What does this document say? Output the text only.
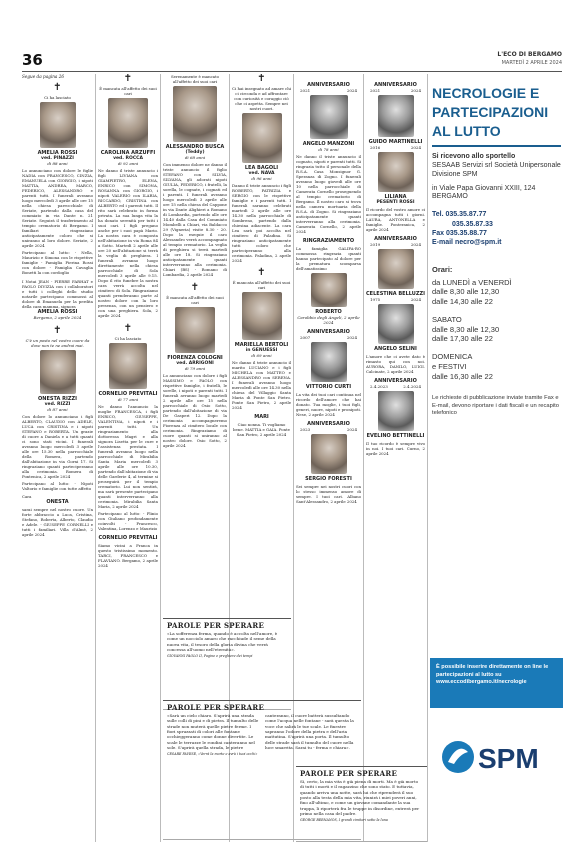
36	L'ECO DI BERGAMO
MARTEDÌ 2 APRILE 2024
Segue da pagina 26
✝
Ci ha lasciato
AMELIA ROSSI
ved. PINAZZI
di 88 anni
Lo annunciano con dolore le figlie NADIA con FRANCESCO, CINZIA, EMANUELA con GIORGIO, i nipoti MATTIA, ANDREA, MARCO, FEDERICO, ALESSANDRO e parenti tutti. I funerali avranno luogo mercoledì 3 aprile alle ore 15 nella chiesa parrocchiale di Seriate, partendo dalla casa del commiato in via Dante n. 21 Seriate. Seguirà il trasferimento al tempio crematorio di Bergamo. I familiari ringraziano anticipatamente coloro che si uniranno al loro dolore. Seriate, 2 aprile 2024
Partecipano al lutto: - Nella, Maurizio e Simona con le rispettive famiglie - Famiglia Pierina Rossi con dolore - Famiglia Cavaglia Bonetti la con cordoglio
I Notai JEAN - PIERRE FARHAT e PAOLO DIVIZIA con i collaboratori e tutti i colleghi dello studio notarile partecipano commossi al dolore di Emanuela per la perdita della cara mamma, signora
AMELIA ROSSI
Bergamo, 2 aprile 2024
✝
C'è un posto nel vostro cuore da dove non te ne andrai mai.
ONESTA RIZZI
ved. RIZZI
di 87 anni
Con dolore lo annunciano i figli ALBERTO, CLAUDIO con ADELE, LUCA con CRISTINA e i nipoti STEFANO e ROBERTA. Un grazie di cuore a Daniela e a tutti quanti ci sono stati vicini. I funerali avranno luogo mercoledì 3 aprile alle ore 15.30 nella parrocchiale della Romera, partendo dall'abitazione in via Gorni 17. Si ringraziano quanti parteciperanno alla cerimonia. Romera di Pontenica, 2 aprile 2024
Partecipano al lutto: - Nipoti Valtorio e famiglie con tutte affetto
Cara
ONESTA
sarai sempre nel nostro cuore. Un forte abbraccio a Luca, Cristina, Stefano, Roberta, Alberto, Claudio e Adele. - GIUSEPPE CORNELLI e tutti i familiari. Villa d'Almè, 2 aprile 2024
✝
È mancata all'affetto dei suoi cari
CAROLINA ARZUFFI
ved. ROCCA
di 92 anni
Ne danno il triste annuncio i figli LIVIANA con GIAMPIETRO, ELENA, ENRICO con SIMONA, ROSANNA con GIORGIO, i nipoti VALERIO con ILARIA, RICCARDO, CRISTINA con ALBERTO ed i parenti tutti. Il rito sarà celebrato in forma privata. La sua lunga vita la ha donato serenità per tutti i suoi cari. I figli pregano anche per i suoi papà Mario. La nostra cara è composta nell'abitazione in via Roma 84 a Sotto. Martedì 2 aprile alle ore 20 nell'abitazione si terrà la veglia di preghiera. I funerali avranno luogo direttamente nella chiesa parrocchiale di Sola mercoledì 3 aprile alle 9.15. Dopo il rito funebre la nostra cara verrà accolta nel cimitero di Sola. Ringraziamo quanti prenderanno parte al nostro dolore con la loro presenza, con un pensiero e con una preghiera. Sola, 2 aprile 2024
✝
Ci ha lasciato
CORNELIO PREVITALI
di 77 anni
Ne danno l'annuncio la moglie FRANCESCA, i figli ENRICO, GIUSEPPE, VALENTINA, i nipoti e i parenti tutti. Un ringraziamento alla dottoressa Magri e alla signora Lisetta per le cure e l'assistenza prestata. I funerali avranno luogo nella parrocchiale di Mirabilia Santa Maria mercoledì 3 aprile alle ore 10.30, partendo dall'abitazione di via delle Garderie 4, al termine si proseguirà per il tempio crematorio. Lui non sentirà, ma sarà presente partecipano quanti interverranno alla cerimonia. Mirabilia Santa Maria, 2 aprile 2024
Partecipano al lutto: - Plinio con Giuliano profondamente coinvolti - Francesco, Valentina, Lorenzo e Maurizio
CORNELIO PREVITALI
Siamo vicini a Franca in questo tristissimo momento. TARCI, FRANCESCO e FLAVIANO. Bergamo, 2 aprile 2024
Serenamente è mancato all'affetto dei suoi cari
ALESSANDRO BUSCA
(Teddy)
di 68 anni
Con immenso dolore ne danno il triste annuncio il figlio STEFANO con SILVIA, SILVANA, gli adorati nipoti GIULIA, FEDERICO, i fratelli, la sorella, le cognate, i cognati ed i parenti. I funerali avranno luogo mercoledì 3 aprile alle ore 15 nella chiesa del Cappone in via Dante Alighieri a Romano di Lombardia, partendo alle ore 14.40 dalla Casa del Commiato Mombelli a Chiari, via Baldacco 29 (Vigneria) visite 8.30 - 20. Dopo la esequie il caro Alessandro verrà accompagnato al tempio crematorio. La veglia di preghiera si terrà martedì alle ore 18. Si ringraziano anticipatamente quanti interverranno alla cerimonia. Chiari (BS) - Romano di Lombardia, 2 aprile 2024
✝
È mancata all'affetto dei suoi cari
FIORENZA COLOGNI
ved. ARRIGONI
di 79 anni
Lo annunciano con dolore i figli MASSIMO e PAOLO con rispettive famiglie, i fratelli, le sorelle, i nipoti e parenti tutti. I funerali avranno luogo martedì 2 aprile alle ore 15 nella parrocchiale di Osio Sotto, partendo dall'abitazione di via De Gasperi 12. Dopo la cerimonia accompagneremo Fiorenza al cimitero locale con cerimonia. Ringraziamo di cuore quanti si uniranno al nostro dolore. Osio Sotto, 2 aprile 2024
✝
Ci hai insegnato ad amare chi ci circonda e ad affrontare con curiosità e coraggio ciò che ci aspetta. Sempre nei nostri cuori.
LEA BAGOLI
ved. NAVA
di 96 anni
Danno il triste annuncio i figli ROBERTO, PATRIZIA e SERGIO con le rispettive famiglie e i parenti tutti. I funerali saranno celebrati martedì 2 aprile alle ore 14.30 nella parrocchiale di Sombreno, partendo dalla chiesina adiacente. La cara Lea sarà poi accolta nel cimitero di Paladina. Si ringraziano anticipatamente tutti coloro che parteciperanno alla cerimonia. Paladina, 2 aprile 2024
✝
È mancata all'affetto dei suoi cari
MARIELLA BERTOLI
in GENUESSI
di 69 anni
Ne danno il triste annuncio il marito LUCIANO e i figli MICHELA con MATTEO e ALESSANDRO con SERENA. I funerali avranno luogo mercoledì alle ore 14.30 nella chiesa del Villaggio Santa Maria di Ponte San Pietro. Ponte San Pietro, 2 aprile 2024
MARI
Ciao nonna. Ti vogliamo bene. MATTIA e GAIA. Ponte San Pietro, 2 aprile 2024
PAROLE PER SPERARE
«La sofferenza ferma, quando è accolta nell'amore, è come un nocciolo amaro che racchiude il seme della nuova vita, il tesoro della gloria divina che verrà concessa all'uomo nell'eternità».
GIOVANNI PAOLO II, Pagine e preghiere dei tempi
PAROLE PER SPERARE
«Sarà un cielo chiaro. S'aprirà una strada sulle colli di pini e di pietra. Il tumulto delle strade non muterà quelle pietre ferme. I fiori spruzzati di colori alle fontane occhieggeranno come donne divertite. Le scale le terrazze le rondini canteranno nel sole. S'aprirà quella strada, le pietre canteranno, il cuore batterà sussultando come l'acqua nelle fontane - sarà questa la voce che salirà le tue scale. Le finestre sapranno l'odore della pietra e dell'aria mattutina. S'aprirà una porta. Il tumulto delle strade sarà il tumulto del cuore nella luce smarrita. Sarai tu - ferma e chiara».
CESARE PAVESE, «Verrà la morte e avrà i tuoi occhi»
ANNIVERSARIO
2021	2024
ANGELO MANZONI
di 78 anni
Ne danno il triste annuncio il cognato, nipoti e parenti tutti. Si ringrazia tutto il personale della R.S.A. Casa Monsignor G. Speranza di Zogno. I funerali avranno luogo giovedì alle ore 10 nella parrocchiale di Camerata Cornello proseguendo al tempio crematorio di Bergamo. Il nostro caro si trova nella camera mortuaria della R.S.A. di Zogno. Si ringraziano anticipatamente quanti interverranno alla cerimonia. Camerata Cornello, 2 aprile 2024
RINGRAZIAMENTO
La famiglia GALIFA-RO commossa ringrazia quanti hanno partecipato al dolore per la prematura scomparsa dell'amatissimo
ROBERTO
Carobbio degli Angeli, 2 aprile 2024
ANNIVERSARIO
2007	2024
VITTORIO CURTI
La vita dei tuoi cari continua nel ricordo dell'amore che hai donato. Tua moglie, i tuoi figli, generi, nuore, nipoti e pronipoti. Nese, 2 aprile 2024
ANNIVERSARIO
2023	2024
SERGIO FORESTI
Sei sempre nei nostri cuori con lo stesso immenso amore di sempre. I tuoi cari. Albano Sant'Alessandro, 2 aprile 2024
ANNIVERSARIO
2021	2024
GUIDO MARTINELLI
2016	2024
LILIANA
PESENTI ROSSI
Il ricordo del vostro amore ci accompagna tutti i giorni. LAURA, ANTONELLA e famiglie. Ponteranica, 2 aprile 2024
ANNIVERSARIO
2019	2024
CELESTINA BELLUZZI
1975	2024
ANGELO SELINI
L'amore che ci avete dato è rimasto qui con noi. AURORA, DANILO, LUIGI. Calcinate, 2 aprile 2024
ANNIVERSARIO
2.4.2023	2.4.2024
EVELINO BETTINELLI
Il tuo ricordo è sempre vivo in noi. I tuoi cari. Curno, 2 aprile 2024
PAROLE PER SPERARE
Sì, certo, la mia vita è già piena di morti. Ma è già morto di tutti i morti e il ragazzino che sono stato. E tuttavia, quando arriva una notte, sarà lui che riprenderà il suo posto alla testa della mia vita, riunirà i miei poveri anni, fino all'ultimo, e come un giovane comandante la sua truppa, li riporterà fra le truppe in disordine, entrerà per primo nella casa del padre.
GEORGE BERNANOS, I grandi cimiteri sotto la luna
NECROLOGIE E PARTECIPAZIONI AL LUTTO
Si ricevono allo sportello
SESAAB Servizi srl Società Unipersonale Divisione SPM
in Viale Papa Giovanni XXIII, 124 BERGAMO
Tel. 035.35.87.77
035.35.87.33
Fax 035.35.88.77
E-mail necro@spm.it
Orari:
da LUNEDÌ a VENERDÌ
dalle 8,30 alle 12,30
dalle 14,30 alle 22
SABATO
dalle 8,30 alle 12,30
dalle 17,30 alle 22
DOMENICA
e FESTIVI
dalle 16,30 alle 22
Le richieste di pubblicazione inviate tramite Fax e E-mail, devono riportare i dati fiscali e un recapito telefonico
È possibile inserire direttamente on line le partecipazioni al lutto su www.eccodibergamo.it/necrologie
SPM
